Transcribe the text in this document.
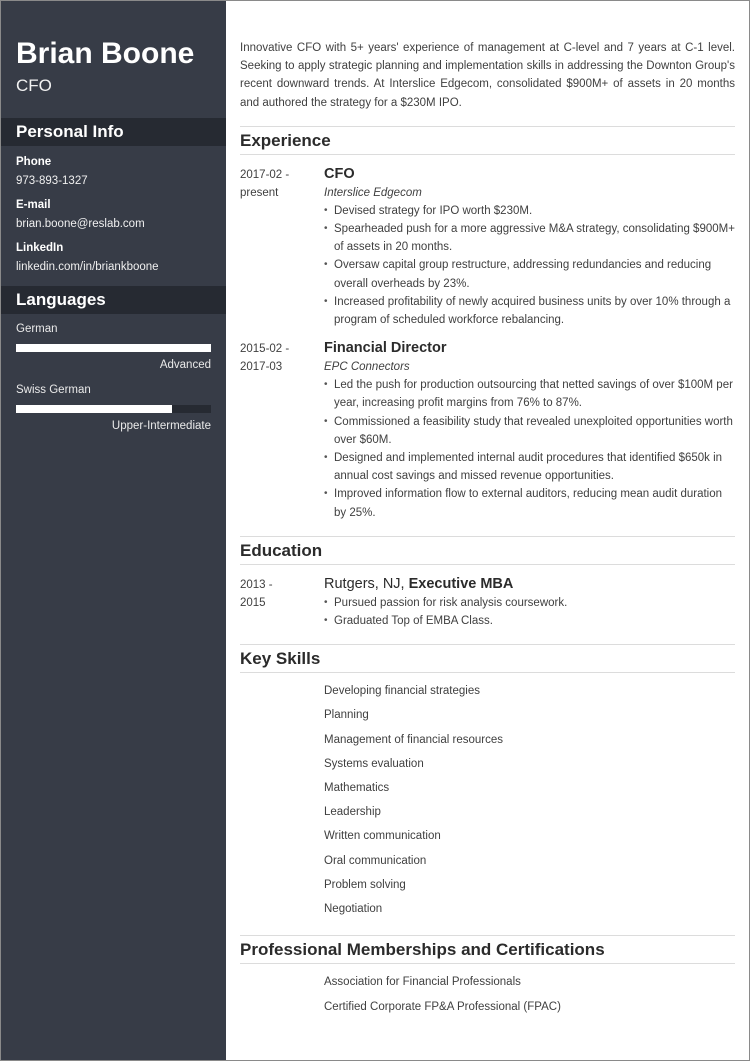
Brian Boone
CFO
Personal Info
Phone
973-893-1327
E-mail
brian.boone@reslab.com
LinkedIn
linkedin.com/in/briankboone
Languages
German
Advanced
Swiss German
Upper-Intermediate

Innovative CFO with 5+ years' experience of management at C-level and 7 years at C-1 level. Seeking to apply strategic planning and implementation skills in addressing the Downton Group's recent downward trends. At Interslice Edgecom, consolidated $900M+ of assets in 20 months and authored the strategy for a $230M IPO.

Experience
2017-02 -
present
CFO
Interslice Edgecom
• Devised strategy for IPO worth $230M.
• Spearheaded push for a more aggressive M&A strategy, consolidating $900M+ of assets in 20 months.
• Oversaw capital group restructure, addressing redundancies and reducing overall overheads by 23%.
• Increased profitability of newly acquired business units by over 10% through a program of scheduled workforce rebalancing.
2015-02 -
2017-03
Financial Director
EPC Connectors
• Led the push for production outsourcing that netted savings of over $100M per year, increasing profit margins from 76% to 87%.
• Commissioned a feasibility study that revealed unexploited opportunities worth over $60M.
• Designed and implemented internal audit procedures that identified $650k in annual cost savings and missed revenue opportunities.
• Improved information flow to external auditors, reducing mean audit duration by 25%.
Education
2013 -
2015
Rutgers, NJ, Executive MBA
• Pursued passion for risk analysis coursework.
• Graduated Top of EMBA Class.
Key Skills
Developing financial strategies
Planning
Management of financial resources
Systems evaluation
Mathematics
Leadership
Written communication
Oral communication
Problem solving
Negotiation
Professional Memberships and Certifications
Association for Financial Professionals
Certified Corporate FP&A Professional (FPAC)
